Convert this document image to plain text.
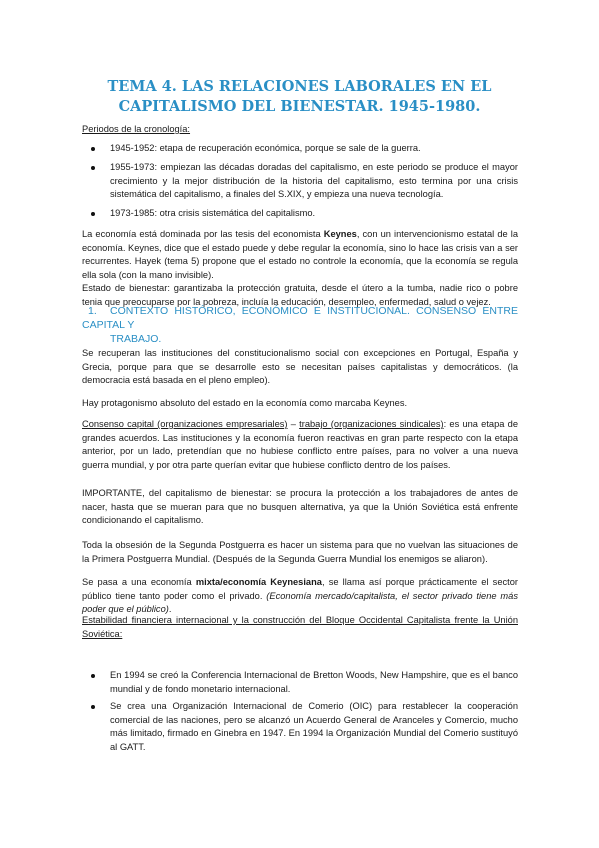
TEMA 4. LAS RELACIONES LABORALES EN EL
CAPITALISMO DEL BIENESTAR. 1945-1980.
Periodos de la cronología:
1945-1952: etapa de recuperación económica, porque se sale de la guerra.
1955-1973: empiezan las décadas doradas del capitalismo, en este periodo se produce el mayor crecimiento y la mejor distribución de la historia del capitalismo, esto termina por una crisis sistemática del capitalismo, a finales del S.XIX, y empieza una nueva tecnología.
1973-1985: otra crisis sistemática del capitalismo.
La economía está dominada por las tesis del economista Keynes, con un intervencionismo estatal de la economía. Keynes, dice que el estado puede y debe regular la economía, sino lo hace las crisis van a ser recurrentes. Hayek (tema 5) propone que el estado no controle la economía, que la economía se regula ella sola (con la mano invisible).
Estado de bienestar: garantizaba la protección gratuita, desde el útero a la tumba, nadie rico o pobre tenia que preocuparse por la pobreza, incluía la educación, desempleo, enfermedad, salud o vejez.
1. CONTEXTO HISTÓRICO, ECONÓMICO E INSTITUCIONAL. CONSENSO ENTRE CAPITAL Y
TRABAJO.
Se recuperan las instituciones del constitucionalismo social con excepciones en Portugal, España y Grecia, porque para que se desarrolle esto se necesitan países capitalistas y democráticos. (la democracia está basada en el pleno empleo).
Hay protagonismo absoluto del estado en la economía como marcaba Keynes.
Consenso capital (organizaciones empresariales) – trabajo (organizaciones sindicales): es una etapa de grandes acuerdos. Las instituciones y la economía fueron reactivas en gran parte respecto con la etapa anterior, por un lado, pretendían que no hubiese conflicto entre países, para no volver a una nueva guerra mundial, y por otra parte querían evitar que hubiese conflicto dentro de los países.
IMPORTANTE, del capitalismo de bienestar: se procura la protección a los trabajadores de antes de nacer, hasta que se mueran para que no busquen alternativa, ya que la Unión Soviética está enfrente condicionando el capitalismo.
Toda la obsesión de la Segunda Postguerra es hacer un sistema para que no vuelvan las situaciones de la Primera Postguerra Mundial. (Después de la Segunda Guerra Mundial los enemigos se aliaron).
Se pasa a una economía mixta/economía Keynesiana, se llama así porque prácticamente el sector público tiene tanto poder como el privado. (Economía mercado/capitalista, el sector privado tiene más poder que el público).
Estabilidad financiera internacional y la construcción del Bloque Occidental Capitalista frente la Unión Soviética:
En 1994 se creó la Conferencia Internacional de Bretton Woods, New Hampshire, que es el banco mundial y de fondo monetario internacional.
Se crea una Organización Internacional de Comerio (OIC) para restablecer la cooperación comercial de las naciones, pero se alcanzó un Acuerdo General de Aranceles y Comercio, mucho más limitado, firmado en Ginebra en 1947. En 1994 la Organización Mundial del Comerio sustituyó al GATT.
